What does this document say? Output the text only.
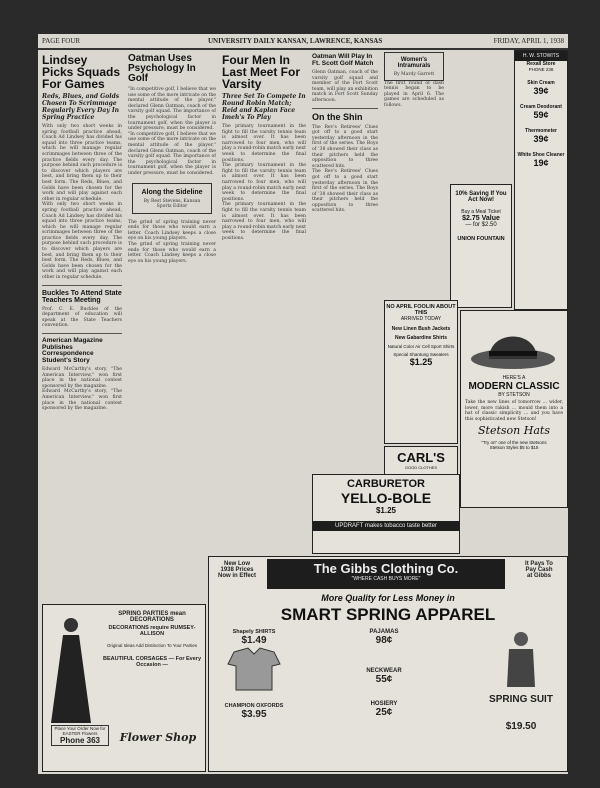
PAGE FOUR	UNIVERSITY DAILY KANSAN, LAWRENCE, KANSAS	FRIDAY, APRIL 1, 1938
Lindsey Picks Squads For Games
Reds, Blues, and Golds Chosen To Scrimmage Regularly Every Day In Spring Practice
With only two short weeks in spring football practice ahead, Coach Ad Lindsey has divided his squad into three practice teams, which he will manage regular scrimmages between three of the practice fields every day. The purpose behind such procedure is to discover which players are best, and bring them up to their best form. The Reds, Blues, and Golds have been chosen for the work and will play against each other in regular schedule.
With only two short weeks in spring football practice ahead, Coach Ad Lindsey has divided his squad into three practice teams, which he will manage regular scrimmages between three of the practice fields every day. The purpose behind such procedure is to discover which players are best, and bring them up to their best form. The Reds, Blues, and Golds have been chosen for the work and will play against each other in regular schedule.
Buckles To Attend State Teachers Meeting
Prof. C. E. Buckles of the department of education will speak at the State Teachers convention.
American Magazine Publishes Correspondence Student's Story
Edward McCarthy's story, "The American Interview," won first place in the national contest sponsored by the magazine.
Edward McCarthy's story, "The American Interview," won first place in the national contest sponsored by the magazine.
Oatman Uses Psychology In Golf
"In competitive golf, I believe that we use some of the more intricate on the mental attitude of the player," declared Glenn Oatman, coach of the varsity golf squad. The importance of the psychological factor in tournament golf, when the player is under pressure, must be considered.
"In competitive golf, I believe that we use some of the more intricate on the mental attitude of the player," declared Glenn Oatman, coach of the varsity golf squad. The importance of the psychological factor in tournament golf, when the player is under pressure, must be considered.
Along the Sideline
By Rest Stevens, Kansan Sports Editor
The grind of spring training never ends for those who would earn a letter. Coach Lindsey keeps a close eye on his young players.
The grind of spring training never ends for those who would earn a letter. Coach Lindsey keeps a close eye on his young players.
Four Men In Last Meet For Varsity
Three Set To Compete In Round Robin Match; Reid and Kaplan Face Imeh's To Play
The primary tournament in the fight to fill the varsity tennis team is almost over. It has been narrowed to four men, who will play a round-robin match early next week to determine the final positions.
The primary tournament in the fight to fill the varsity tennis team is almost over. It has been narrowed to four men, who will play a round-robin match early next week to determine the final positions.
The primary tournament in the fight to fill the varsity tennis team is almost over. It has been narrowed to four men, who will play a round-robin match early next week to determine the final positions.
Oatman Will Play In Ft. Scott Golf Match
Glenn Oatman, coach of the varsity golf squad and member of the Fort Scott team, will play an exhibition match in Fort Scott Sunday afternoon.
On the Shin
The Rev's Retirees' Clues got off to a good start yesterday afternoon in the first of the series. The Boys of '38 showed their class as their pitchers held the opposition to three scattered hits.
The Rev's Retirees' Clues got off to a good start yesterday afternoon in the first of the series. The Boys of '38 showed their class as their pitchers held the opposition to three scattered hits.
Women's Intramurals
By Mardy Garrett
The first round of dash tennis began to be played in April 6. The games are scheduled as follows.
H. W. STOWITS
Rexall Store
PHONE 238
Skin Cream
39¢
Cream Deodorant
59¢
Thermometer
39¢
White Shoe Cleaner
19¢
10% Saving If You Act Now!
Buy a Meal Ticket
$2.75 Value
— for $2.50
UNION FOUNTAIN
NO APRIL FOOLIN ABOUT THIS
ARRIVED TODAY
New Linen Bush Jackets
New Gabardine Shirts
Natural Color Air Cell Sport Shirts
Special Shantung Sweaters
$1.25
CARL'S
GOOD CLOTHES
HERE'S A
MODERN CLASSIC
BY STETSON
Take the new lines of tomorrow ... wider, lower, more rakish ... mould them into a hat of classic simplicity ... and you have this sophisticated new Stetson!
Stetson Hats
"Try on" one of the new Stetsons
Stetson Styles $5 to $15
CARBURETOR
YELLO-BOLE
$1.25
UPDRAFT makes tobacco taste better
New Low
1938 Prices
Now in Effect	The Gibbs Clothing Co.
"WHERE CASH BUYS MORE"
It Pays To
Pay Cash
at Gibbs
More Quality for Less Money in
SMART SPRING APPAREL
Shapely SHIRTS
$1.49
CHAMPION OXFORDS
$3.95
PAJAMAS
98¢
NECKWEAR
55¢
HOSIERY
25¢
SPRING SUIT
$19.50
SPRING PARTIES mean DECORATIONS
DECORATIONS require RUMSEY-ALLISON
Original Ideas Add Distinction To Your Parties
BEAUTIFUL CORSAGES — For Every Occasion —
Place Your Order Now for EASTER Flowers
Phone 363	Flower Shop
